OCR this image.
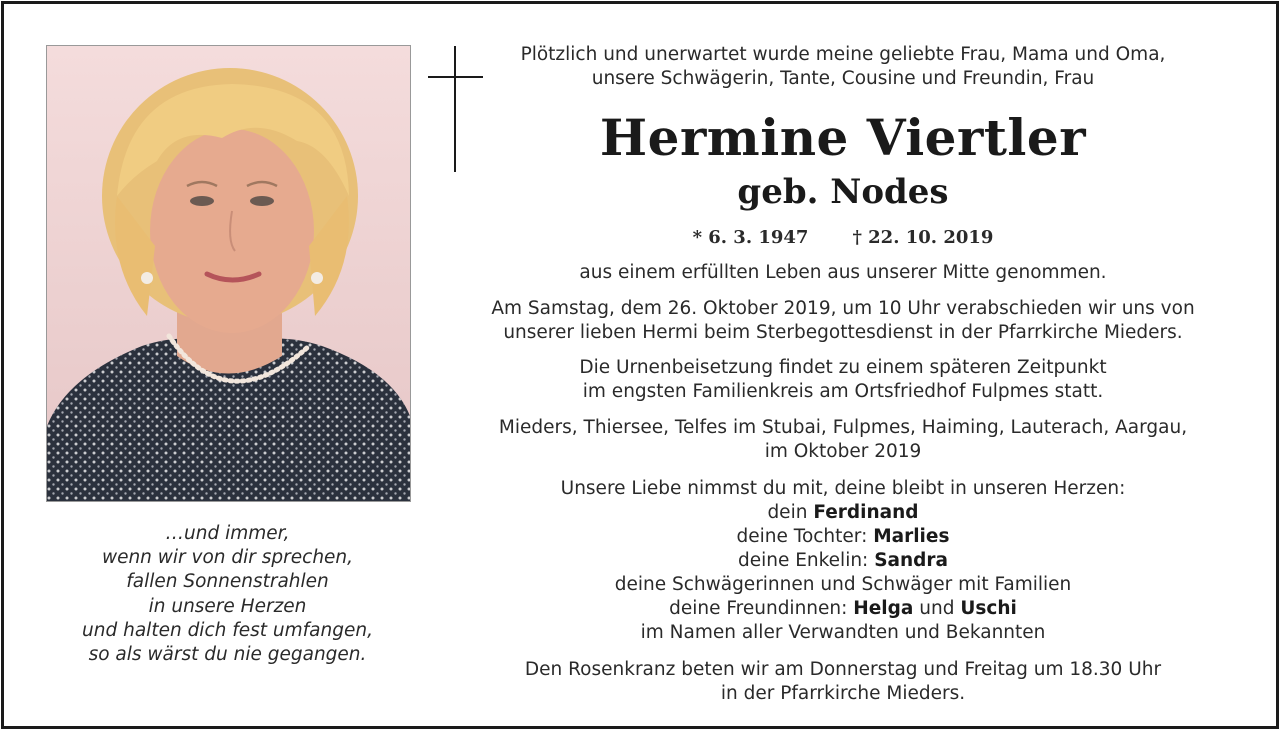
…und immer,
wenn wir von dir sprechen,
fallen Sonnenstrahlen
in unsere Herzen
und halten dich fest umfangen,
so als wärst du nie gegangen.
Plötzlich und unerwartet wurde meine geliebte Frau, Mama und Oma,
unsere Schwägerin, Tante, Cousine und Freundin, Frau
Hermine Viertler
geb. Nodes
* 6. 3. 1947 † 22. 10. 2019
aus einem erfüllten Leben aus unserer Mitte genommen.
Am Samstag, dem 26. Oktober 2019, um 10 Uhr verabschieden wir uns von
unserer lieben Hermi beim Sterbegottesdienst in der Pfarrkirche Mieders.
Die Urnenbeisetzung findet zu einem späteren Zeitpunkt
im engsten Familienkreis am Ortsfriedhof Fulpmes statt.
Mieders, Thiersee, Telfes im Stubai, Fulpmes, Haiming, Lauterach, Aargau,
im Oktober 2019
Unsere Liebe nimmst du mit, deine bleibt in unseren Herzen:
dein Ferdinand
deine Tochter: Marlies
deine Enkelin: Sandra
deine Schwägerinnen und Schwäger mit Familien
deine Freundinnen: Helga und Uschi
im Namen aller Verwandten und Bekannten
Den Rosenkranz beten wir am Donnerstag und Freitag um 18.30 Uhr
in der Pfarrkirche Mieders.
